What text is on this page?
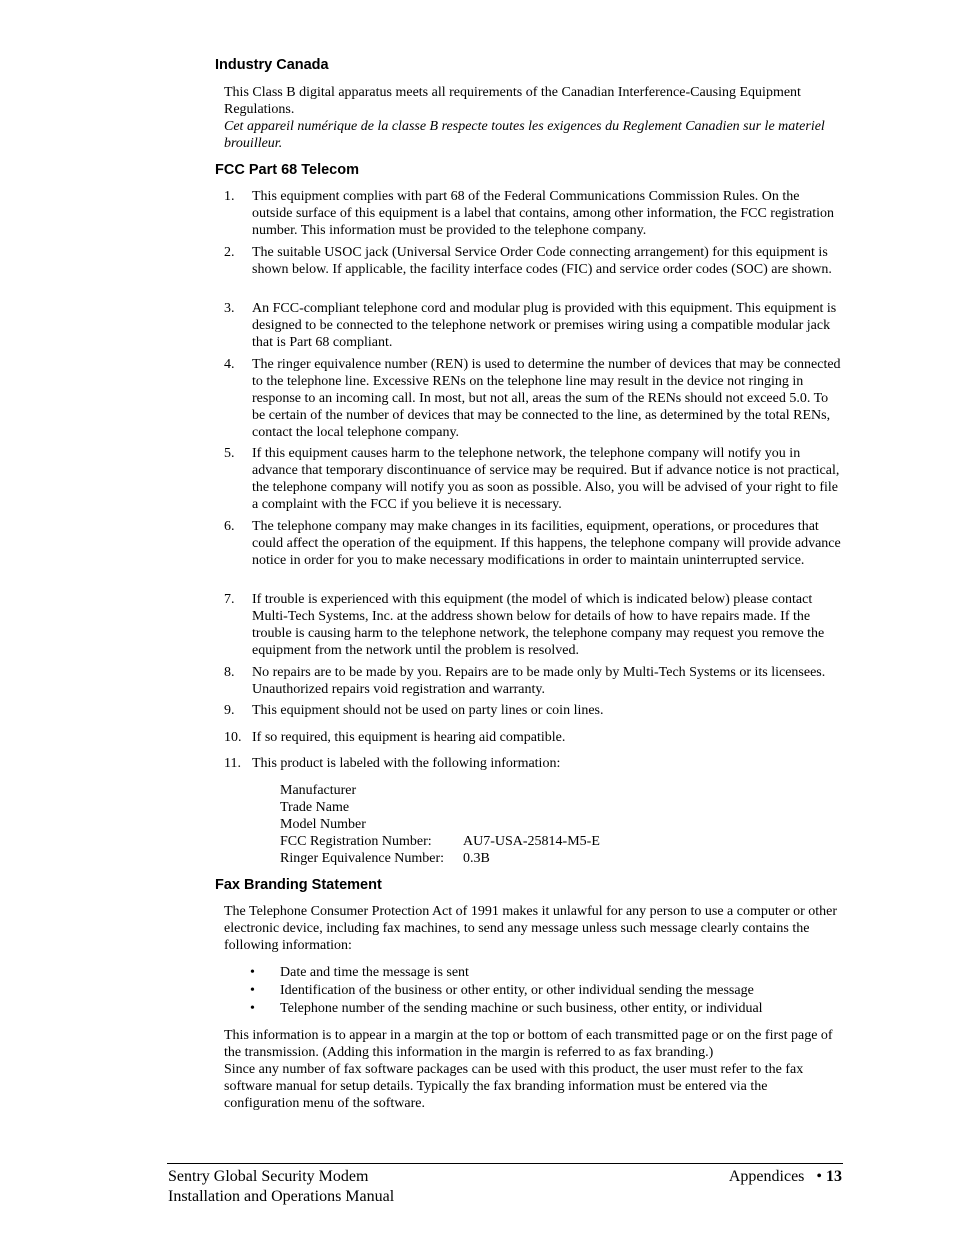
Industry Canada
This Class B digital apparatus meets all requirements of the Canadian Interference-Causing Equipment Regulations.
Cet appareil numérique de la classe B respecte toutes les exigences du Reglement Canadien sur le materiel brouilleur.
FCC Part 68 Telecom
1.	This equipment complies with part 68 of the Federal Communications Commission Rules. On the outside surface of this equipment is a label that contains, among other information, the FCC registration number. This information must be provided to the telephone company.
2.	The suitable USOC jack (Universal Service Order Code connecting arrangement) for this equipment is shown below. If applicable, the facility interface codes (FIC) and service order codes (SOC) are shown.
3.	An FCC-compliant telephone cord and modular plug is provided with this equipment. This equipment is designed to be connected to the telephone network or premises wiring using a compatible modular jack that is Part 68 compliant.
4.	The ringer equivalence number (REN) is used to determine the number of devices that may be connected to the telephone line. Excessive RENs on the telephone line may result in the device not ringing in response to an incoming call. In most, but not all, areas the sum of the RENs should not exceed 5.0. To be certain of the number of devices that may be connected to the line, as determined by the total RENs, contact the local telephone company.
5.	If this equipment causes harm to the telephone network, the telephone company will notify you in advance that temporary discontinuance of service may be required. But if advance notice is not practical, the telephone company will notify you as soon as possible. Also, you will be advised of your right to file a complaint with the FCC if you believe it is necessary.
6.	The telephone company may make changes in its facilities, equipment, operations, or procedures that could affect the operation of the equipment. If this happens, the telephone company will provide advance notice in order for you to make necessary modifications in order to maintain uninterrupted service.
7.	If trouble is experienced with this equipment (the model of which is indicated below) please contact Multi-Tech Systems, Inc. at the address shown below for details of how to have repairs made. If the trouble is causing harm to the telephone network, the telephone company may request you remove the equipment from the network until the problem is resolved.
8.	No repairs are to be made by you. Repairs are to be made only by Multi-Tech Systems or its licensees. Unauthorized repairs void registration and warranty.
9.	This equipment should not be used on party lines or coin lines.
10. If so required, this equipment is hearing aid compatible.
11. This product is labeled with the following information:
Manufacturer
Trade Name
Model Number
FCC Registration Number: AU7-USA-25814-M5-E
Ringer Equivalence Number: 0.3B
Fax Branding Statement
The Telephone Consumer Protection Act of 1991 makes it unlawful for any person to use a computer or other electronic device, including fax machines, to send any message unless such message clearly contains the following information:
• Date and time the message is sent
• Identification of the business or other entity, or other individual sending the message
• Telephone number of the sending machine or such business, other entity, or individual
This information is to appear in a margin at the top or bottom of each transmitted page or on the first page of the transmission. (Adding this information in the margin is referred to as fax branding.)
Since any number of fax software packages can be used with this product, the user must refer to the fax software manual for setup details. Typically the fax branding information must be entered via the configuration menu of the software.
Sentry Global Security Modem
Installation and Operations Manual
Appendices • 13
